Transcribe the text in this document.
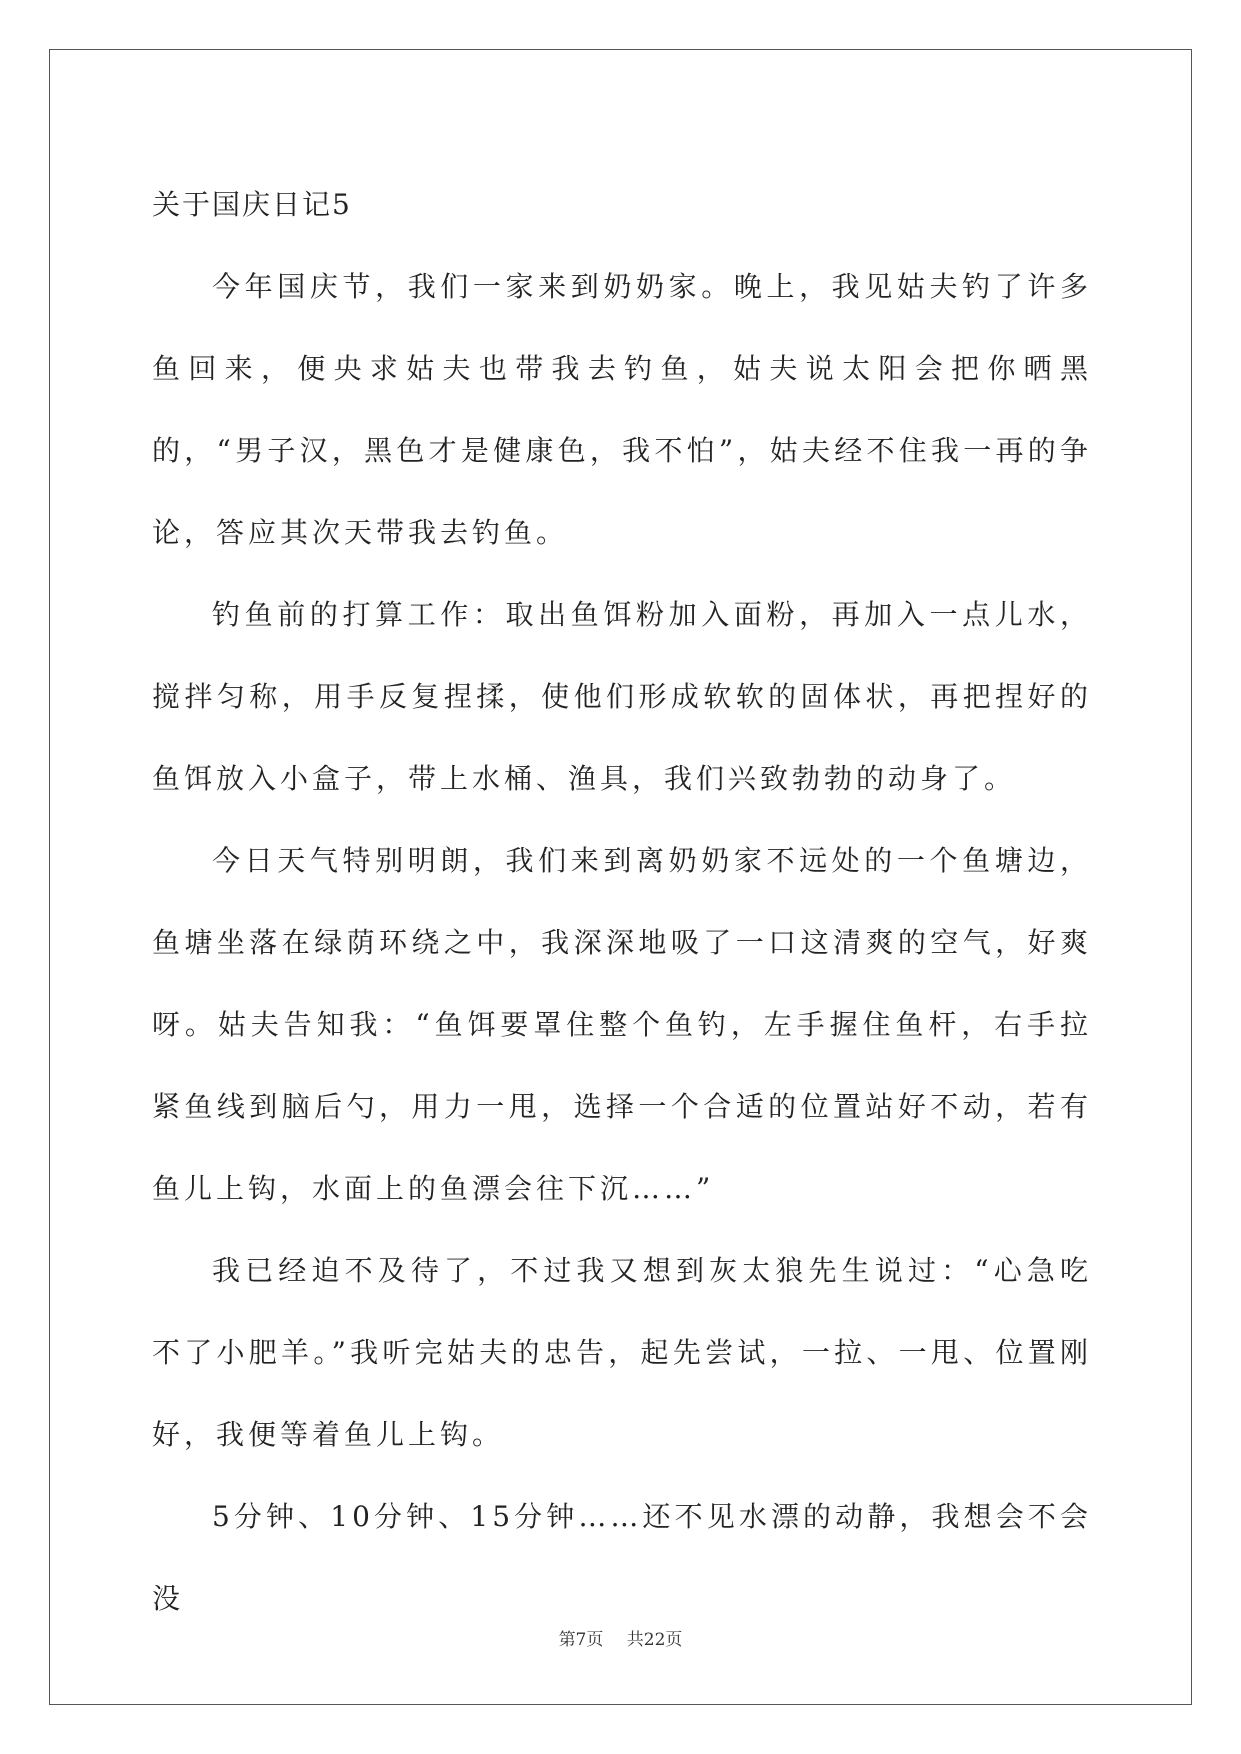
关于国庆日记5

今年国庆节，我们一家来到奶奶家。晚上，我见姑夫钓了许多鱼回来，便央求姑夫也带我去钓鱼，姑夫说太阳会把你晒黑的，“男子汉，黑色才是健康色，我不怕”，姑夫经不住我一再的争论，答应其次天带我去钓鱼。

钓鱼前的打算工作：取出鱼饵粉加入面粉，再加入一点儿水，搅拌匀称，用手反复捏揉，使他们形成软软的固体状，再把捏好的鱼饵放入小盒子，带上水桶、渔具，我们兴致勃勃的动身了。

今日天气特别明朗，我们来到离奶奶家不远处的一个鱼塘边，鱼塘坐落在绿荫环绕之中，我深深地吸了一口这清爽的空气，好爽呀。姑夫告知我：“鱼饵要罩住整个鱼钓，左手握住鱼杆，右手拉紧鱼线到脑后勺，用力一甩，选择一个合适的位置站好不动，若有鱼儿上钩，水面上的鱼漂会往下沉……”

我已经迫不及待了，不过我又想到灰太狼先生说过：“心急吃不了小肥羊。”我听完姑夫的忠告，起先尝试，一拉、一甩、位置刚好，我便等着鱼儿上钩。

5分钟、10分钟、15分钟……还不见水漂的动静，我想会不会没

第7页 共22页
